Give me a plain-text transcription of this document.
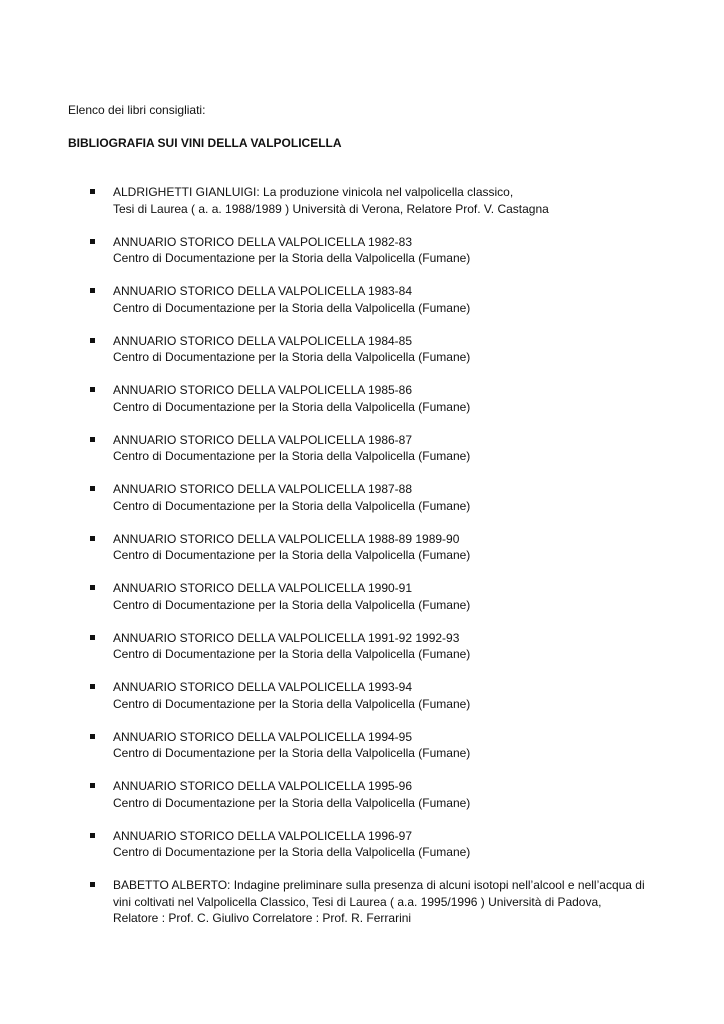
Elenco dei libri consigliati:
BIBLIOGRAFIA SUI VINI DELLA VALPOLICELLA
ALDRIGHETTI GIANLUIGI: La produzione vinicola nel valpolicella classico,
Tesi di Laurea ( a. a. 1988/1989 ) Università di Verona, Relatore Prof. V. Castagna
ANNUARIO STORICO DELLA VALPOLICELLA 1982-83
Centro di Documentazione per la Storia della Valpolicella (Fumane)
ANNUARIO STORICO DELLA VALPOLICELLA 1983-84
Centro di Documentazione per la Storia della Valpolicella (Fumane)
ANNUARIO STORICO DELLA VALPOLICELLA 1984-85
Centro di Documentazione per la Storia della Valpolicella (Fumane)
ANNUARIO STORICO DELLA VALPOLICELLA 1985-86
Centro di Documentazione per la Storia della Valpolicella (Fumane)
ANNUARIO STORICO DELLA VALPOLICELLA 1986-87
Centro di Documentazione per la Storia della Valpolicella (Fumane)
ANNUARIO STORICO DELLA VALPOLICELLA 1987-88
Centro di Documentazione per la Storia della Valpolicella (Fumane)
ANNUARIO STORICO DELLA VALPOLICELLA 1988-89 1989-90
Centro di Documentazione per la Storia della Valpolicella (Fumane)
ANNUARIO STORICO DELLA VALPOLICELLA 1990-91
Centro di Documentazione per la Storia della Valpolicella (Fumane)
ANNUARIO STORICO DELLA VALPOLICELLA 1991-92 1992-93
Centro di Documentazione per la Storia della Valpolicella (Fumane)
ANNUARIO STORICO DELLA VALPOLICELLA 1993-94
Centro di Documentazione per la Storia della Valpolicella (Fumane)
ANNUARIO STORICO DELLA VALPOLICELLA 1994-95
Centro di Documentazione per la Storia della Valpolicella (Fumane)
ANNUARIO STORICO DELLA VALPOLICELLA 1995-96
Centro di Documentazione per la Storia della Valpolicella (Fumane)
ANNUARIO STORICO DELLA VALPOLICELLA 1996-97
Centro di Documentazione per la Storia della Valpolicella (Fumane)
BABETTO ALBERTO: Indagine preliminare sulla presenza di alcuni isotopi nell’alcool e nell’acqua di
vini coltivati nel Valpolicella Classico, Tesi di Laurea ( a.a. 1995/1996 ) Università di Padova,
Relatore : Prof. C. Giulivo Correlatore : Prof. R. Ferrarini
